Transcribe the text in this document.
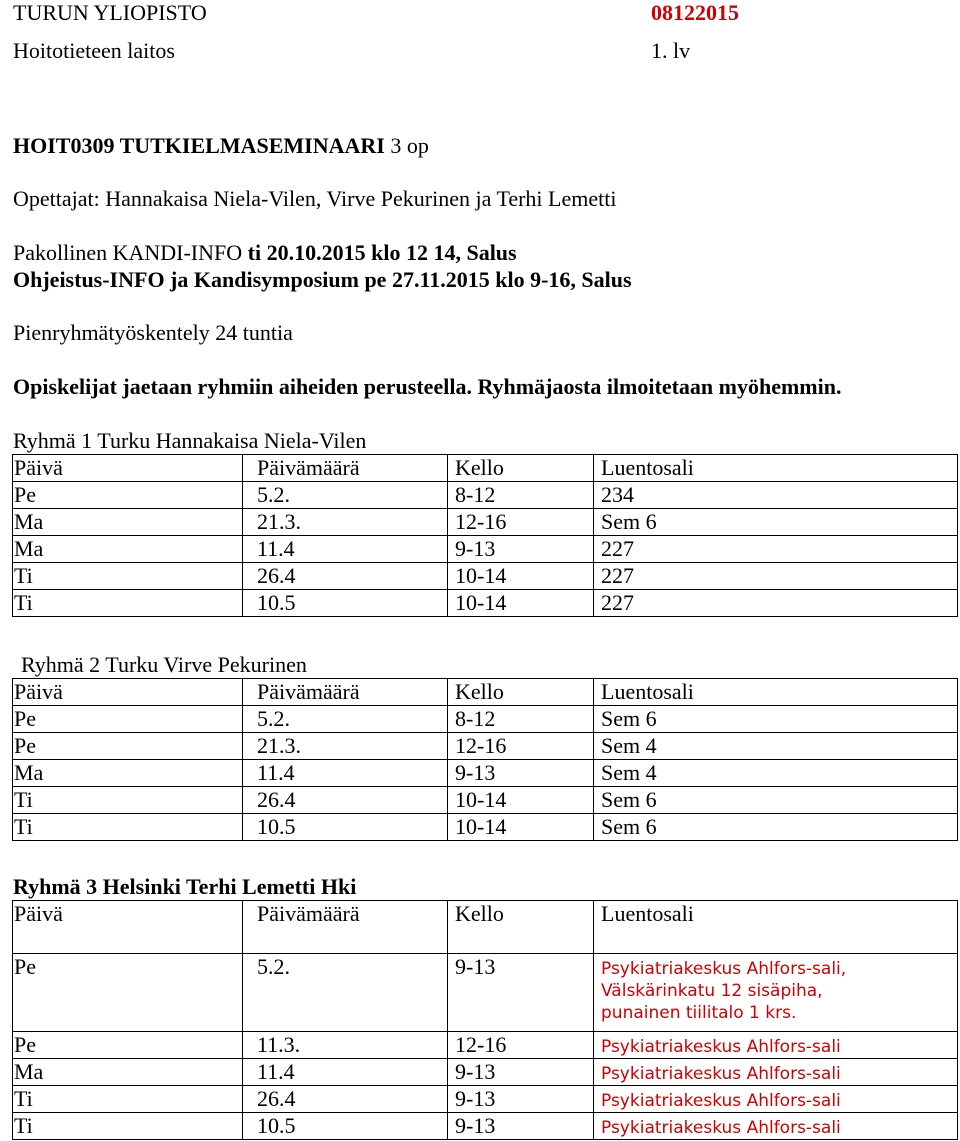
TURUN YLIOPISTO	08122015
Hoitotieteen laitos	1. lv
HOIT0309 TUTKIELMASEMINAARI 3 op
Opettajat: Hannakaisa Niela-Vilen, Virve Pekurinen ja Terhi Lemetti
Pakollinen KANDI-INFO ti 20.10.2015 klo 12 14, Salus
Ohjeistus-INFO ja Kandisymposium pe 27.11.2015 klo 9-16, Salus
Pienryhmätyöskentely 24 tuntia
Opiskelijat jaetaan ryhmiin aiheiden perusteella. Ryhmäjaosta ilmoitetaan myöhemmin.
Ryhmä 1 Turku Hannakaisa Niela-Vilen
Päivä	Päivämäärä	Kello	Luentosali
Pe	5.2.	8-12	234
Ma	21.3.	12-16	Sem 6
Ma	11.4	9-13	227
Ti	26.4	10-14	227
Ti	10.5	10-14	227
Ryhmä 2 Turku Virve Pekurinen
Päivä	Päivämäärä	Kello	Luentosali
Pe	5.2.	8-12	Sem 6
Pe	21.3.	12-16	Sem 4
Ma	11.4	9-13	Sem 4
Ti	26.4	10-14	Sem 6
Ti	10.5	10-14	Sem 6
Ryhmä 3 Helsinki Terhi Lemetti Hki
Päivä	Päivämäärä	Kello	Luentosali
Pe	5.2.	9-13	Psykiatriakeskus Ahlfors-sali,
Välskärinkatu 12 sisäpiha,
punainen tiilitalo 1 krs.

Pe	11.3.	12-16	Psykiatriakeskus Ahlfors-sali
Ma	11.4	9-13	Psykiatriakeskus Ahlfors-sali
Ti	26.4	9-13	Psykiatriakeskus Ahlfors-sali
Ti	10.5	9-13	Psykiatriakeskus Ahlfors-sali
